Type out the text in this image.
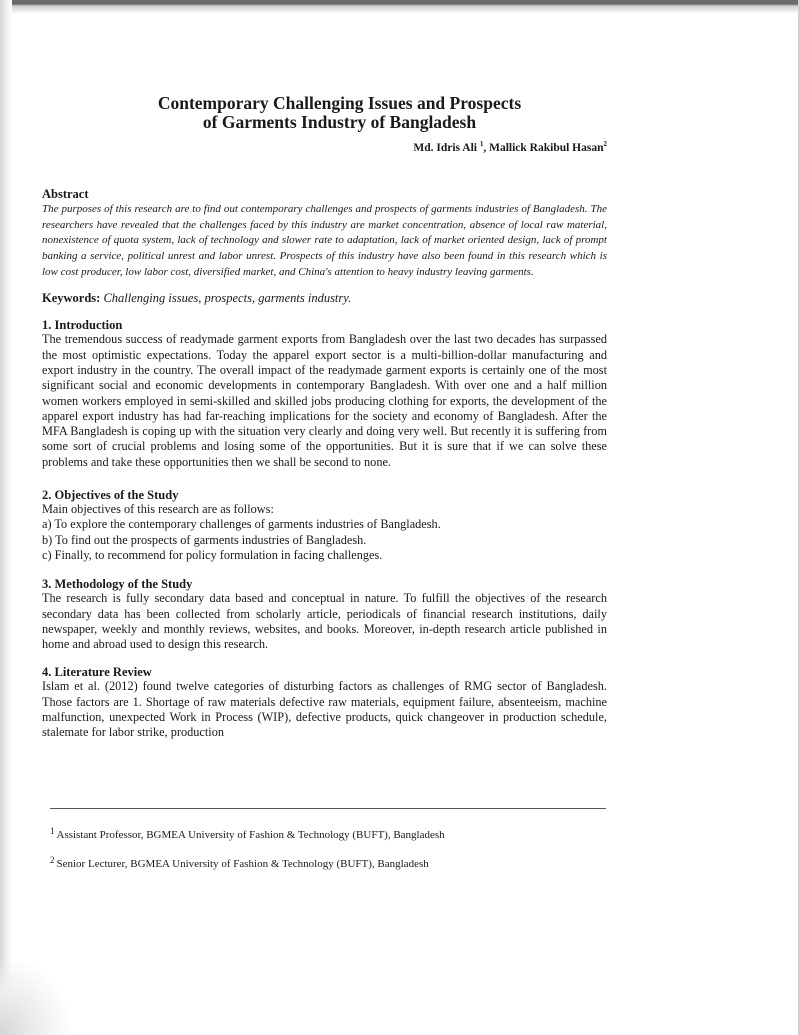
Contemporary Challenging Issues and Prospects
of Garments Industry of Bangladesh
Md. Idris Ali $^1$, Mallick Rakibul Hasan$^2$
Abstract

The purposes of this research are to find out contemporary challenges and prospects of garments industries of Bangladesh. The researchers have revealed that the challenges faced by this industry are market concentration, absence of local raw material, nonexistence of quota system, lack of technology and slower rate to adaptation, lack of market oriented design, lack of prompt banking a service, political unrest and labor unrest. Prospects of this industry have also been found in this research which is low cost producer, low labor cost, diversified market, and China's attention to heavy industry leaving garments.

Keywords: Challenging issues, prospects, garments industry.
1. Introduction

The tremendous success of readymade garment exports from Bangladesh over the last two decades has surpassed the most optimistic expectations. Today the apparel export sector is a multi-billion-dollar manufacturing and export industry in the country. The overall impact of the readymade garment exports is certainly one of the most significant social and economic developments in contemporary Bangladesh. With over one and a half million women workers employed in semi-skilled and skilled jobs producing clothing for exports, the development of the apparel export industry has had far-reaching implications for the society and economy of Bangladesh. After the MFA Bangladesh is coping up with the situation very clearly and doing very well. But recently it is suffering from some sort of crucial problems and losing some of the opportunities. But it is sure that if we can solve these problems and take these opportunities then we shall be second to none.

2. Objectives of the Study

Main objectives of this research are as follows:

a) To explore the contemporary challenges of garments industries of Bangladesh.

b) To find out the prospects of garments industries of Bangladesh.

c) Finally, to recommend for policy formulation in facing challenges.

3. Methodology of the Study

The research is fully secondary data based and conceptual in nature. To fulfill the objectives of the research secondary data has been collected from scholarly article, periodicals of financial research institutions, daily newspaper, weekly and monthly reviews, websites, and books. Moreover, in-depth research article published in home and abroad used to design this research.

4. Literature Review

Islam et al. (2012) found twelve categories of disturbing factors as challenges of RMG sector of Bangladesh. Those factors are 1. Shortage of raw materials defective raw materials, equipment failure, absenteeism, machine malfunction, unexpected Work in Process (WIP), defective products, quick changeover in production schedule, stalemate for labor strike, production

$^1$ Assistant Professor, BGMEA University of Fashion & Technology (BUFT), Bangladesh
$^2$ Senior Lecturer, BGMEA University of Fashion & Technology (BUFT), Bangladesh
